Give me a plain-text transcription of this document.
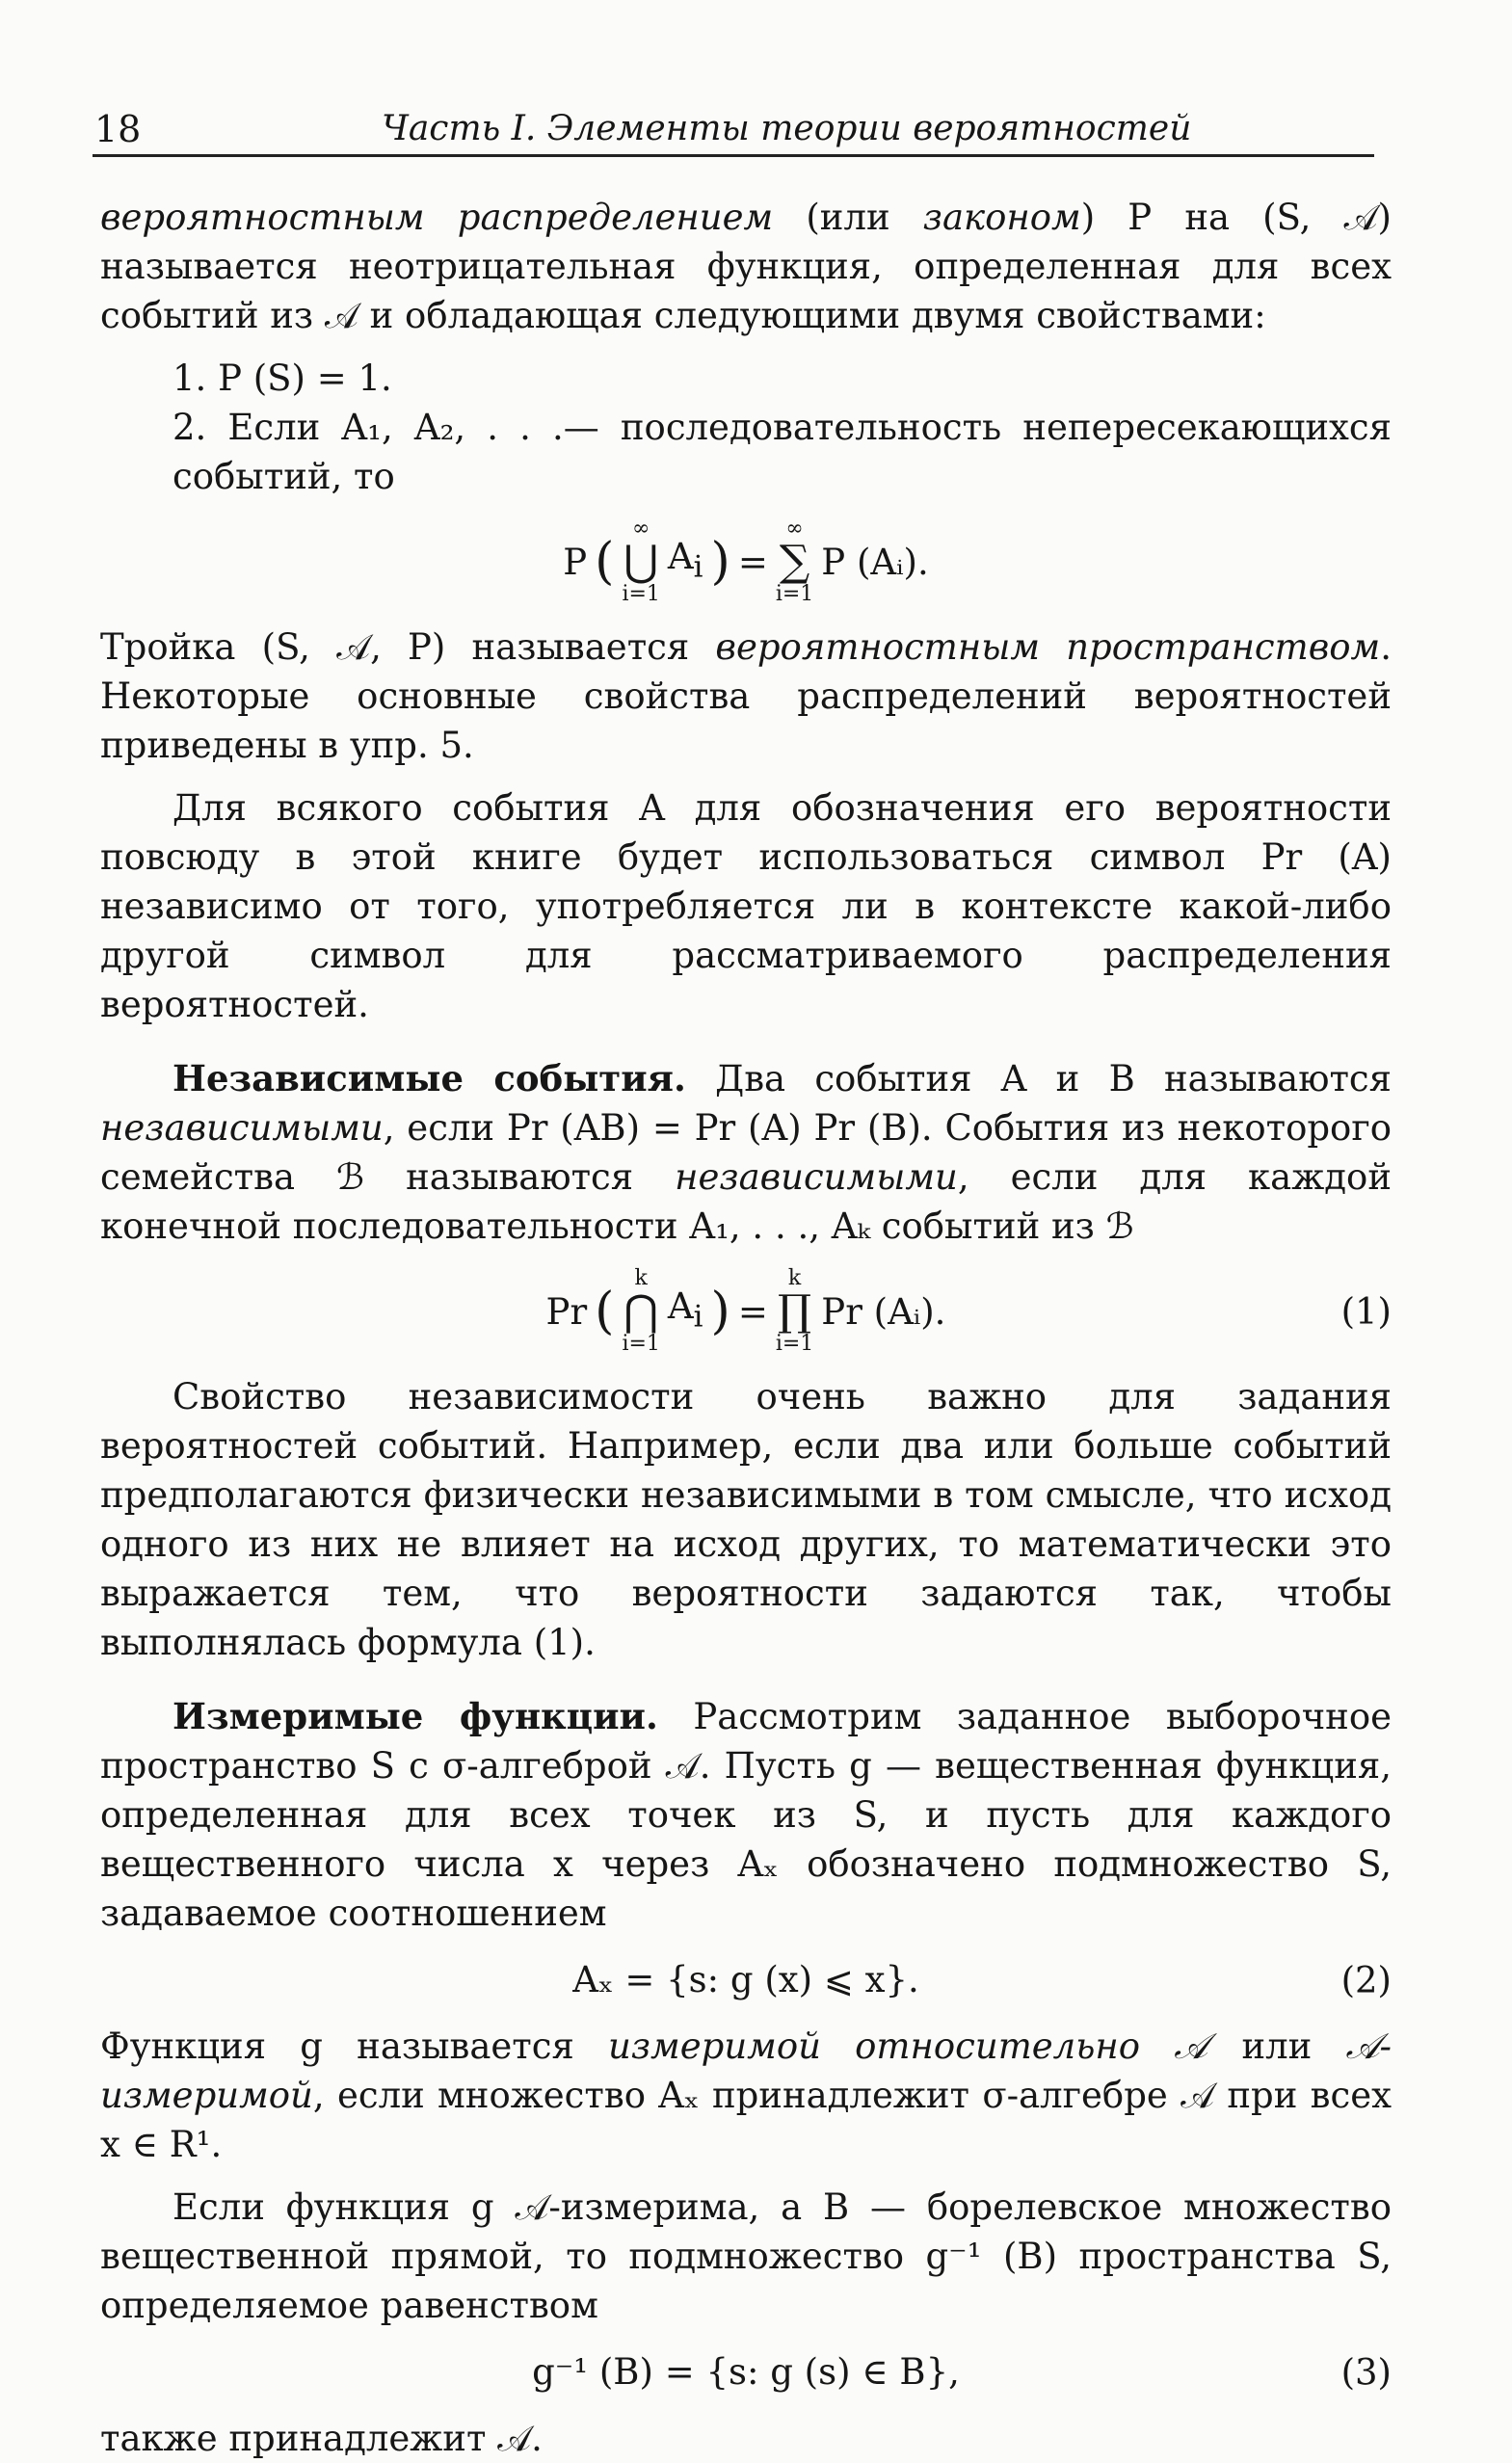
18	Часть I. Элементы теории вероятностей

вероятностным распределением (или законом) P на (S, 𝒜) называется неотрицательная функция, определенная для всех событий из 𝒜 и обладающая следующими двумя свойствами:

1. P (S) = 1.

2. Если A₁, A₂, . . .— последовательность непересекающихся событий, то

P (
∞
⋃
i=1
$A_i$ ) =
∞
∑
i=1
P (Aᵢ).

Тройка (S, 𝒜, P) называется вероятностным пространством. Некоторые основные свойства распределений вероятностей приведены в упр. 5.

Для всякого события A для обозначения его вероятности повсюду в этой книге будет использоваться символ Pr (A) независимо от того, употребляется ли в контексте какой-либо другой символ для рассматриваемого распределения вероятностей.

Независимые события. Два события A и B называются независимыми, если Pr (AB) = Pr (A) Pr (B). События из некоторого семейства ℬ называются независимыми, если для каждой конечной последовательности A₁, . . ., Aₖ событий из ℬ

Pr (
k
⋂
i=1
$A_i$ ) =
k
∏
i=1
Pr (Aᵢ).	(1)

Свойство независимости очень важно для задания вероятностей событий. Например, если два или больше событий предполагаются физически независимыми в том смысле, что исход одного из них не влияет на исход других, то математически это выражается тем, что вероятности задаются так, чтобы выполнялась формула (1).

Измеримые функции. Рассмотрим заданное выборочное пространство S с σ-алгеброй 𝒜. Пусть g — вещественная функция, определенная для всех точек из S, и пусть для каждого вещественного числа x через Aₓ обозначено подмножество S, задаваемое соотношением

Aₓ = {s: g (x) ⩽ x}.	(2)

Функция g называется измеримой относительно 𝒜 или 𝒜-измеримой, если множество Aₓ принадлежит σ-алгебре 𝒜 при всех x ∈ R¹.

Если функция g 𝒜-измерима, а B — борелевское множество вещественной прямой, то подмножество g⁻¹ (B) пространства S, определяемое равенством

g⁻¹ (B) = {s: g (s) ∈ B},	(3)

также принадлежит 𝒜.
